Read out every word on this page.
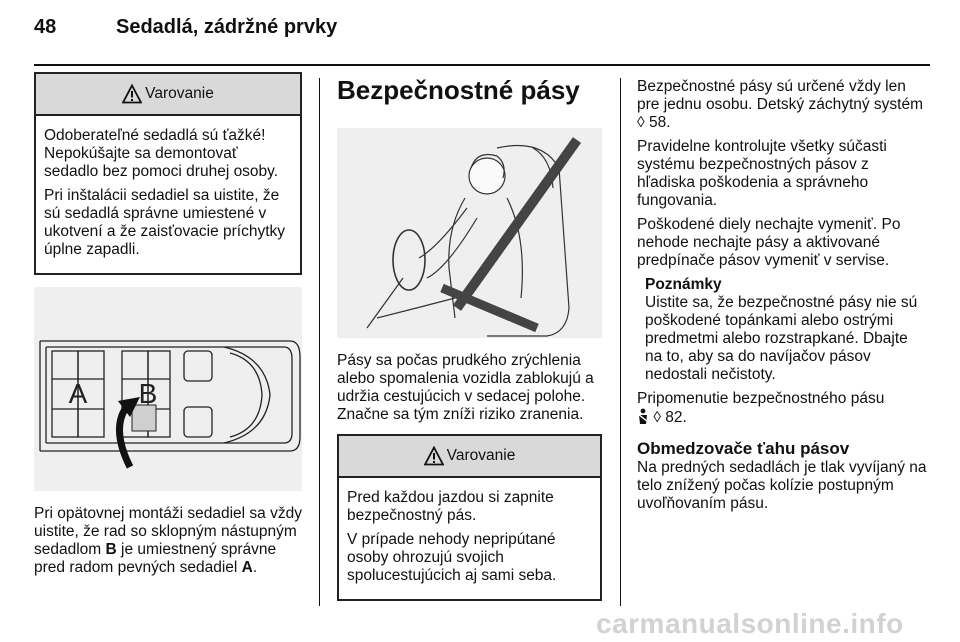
48	Sedadlá, zádržné prvky
Varovanie

Odoberateľné sedadlá sú ťažké! Nepokúšajte sa demontovať sedadlo bez pomoci druhej osoby.

Pri inštalácii sedadiel sa uistite, že sú sedadlá správne umiestené v ukotvení a že zaisťovacie príchytky úplne zapadli.

A B

Pri opätovnej montáži sedadiel sa vždy uistite, že rad so sklopným nástupným sedadlom B je umiestnený správne pred radom pevných sedadiel A.

Bezpečnostné pásy

Pásy sa počas prudkého zrýchlenia alebo spomalenia vozidla zablokujú a udržia cestujúcich v sedacej polohe. Značne sa tým zníži riziko zranenia.

Varovanie

Pred každou jazdou si zapnite bezpečnostný pás.

V prípade nehody nepripútané osoby ohrozujú svojich spolucestujúcich aj sami seba.

Bezpečnostné pásy sú určené vždy len pre jednu osobu. Detský záchytný systém ◊ 58.

Pravidelne kontrolujte všetky súčasti systému bezpečnostných pásov z hľadiska poškodenia a správneho fungovania.

Poškodené diely nechajte vymeniť. Po nehode nechajte pásy a aktivované predpínače pásov vymeniť v servise.

Poznámky
Uistite sa, že bezpečnostné pásy nie sú poškodené topánkami alebo ostrými predmetmi alebo rozstrapkané. Dbajte na to, aby sa do navíjačov pásov nedostali nečistoty.

Pripomenutie bezpečnostného pásu
◊ 82.

Obmedzovače ťahu pásov

Na predných sedadlách je tlak vyvíjaný na telo znížený počas kolízie postupným uvoľňovaním pásu.

carmanualsonline.info
